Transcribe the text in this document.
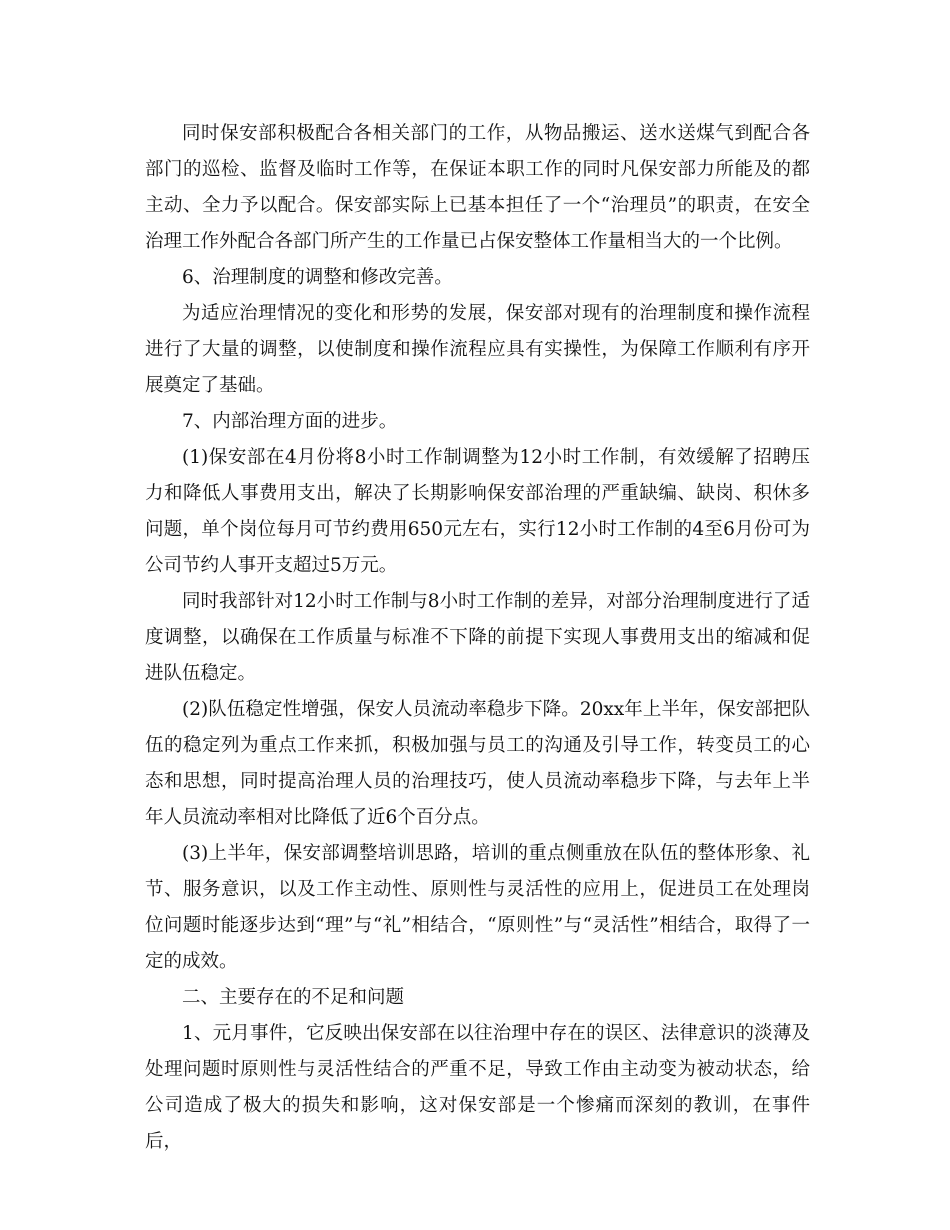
同时保安部积极配合各相关部门的工作，从物品搬运、送水送煤气到配合各部门的巡检、监督及临时工作等，在保证本职工作的同时凡保安部力所能及的都主动、全力予以配合。保安部实际上已基本担任了一个“治理员”的职责，在安全治理工作外配合各部门所产生的工作量已占保安整体工作量相当大的一个比例。

6、治理制度的调整和修改完善。

为适应治理情况的变化和形势的发展，保安部对现有的治理制度和操作流程进行了大量的调整，以使制度和操作流程应具有实操性，为保障工作顺利有序开展奠定了基础。

7、内部治理方面的进步。

(1)保安部在4月份将8小时工作制调整为12小时工作制，有效缓解了招聘压力和降低人事费用支出，解决了长期影响保安部治理的严重缺编、缺岗、积休多问题，单个岗位每月可节约费用650元左右，实行12小时工作制的4至6月份可为公司节约人事开支超过5万元。

同时我部针对12小时工作制与8小时工作制的差异，对部分治理制度进行了适度调整，以确保在工作质量与标准不下降的前提下实现人事费用支出的缩减和促进队伍稳定。

(2)队伍稳定性增强，保安人员流动率稳步下降。20xx年上半年，保安部把队伍的稳定列为重点工作来抓，积极加强与员工的沟通及引导工作，转变员工的心态和思想，同时提高治理人员的治理技巧，使人员流动率稳步下降，与去年上半年人员流动率相对比降低了近6个百分点。

(3)上半年，保安部调整培训思路，培训的重点侧重放在队伍的整体形象、礼节、服务意识，以及工作主动性、原则性与灵活性的应用上，促进员工在处理岗位问题时能逐步达到“理”与“礼”相结合，“原则性”与“灵活性”相结合，取得了一定的成效。

二、主要存在的不足和问题

1、元月事件，它反映出保安部在以往治理中存在的误区、法律意识的淡薄及处理问题时原则性与灵活性结合的严重不足，导致工作由主动变为被动状态，给公司造成了极大的损失和影响，这对保安部是一个惨痛而深刻的教训，在事件后，
